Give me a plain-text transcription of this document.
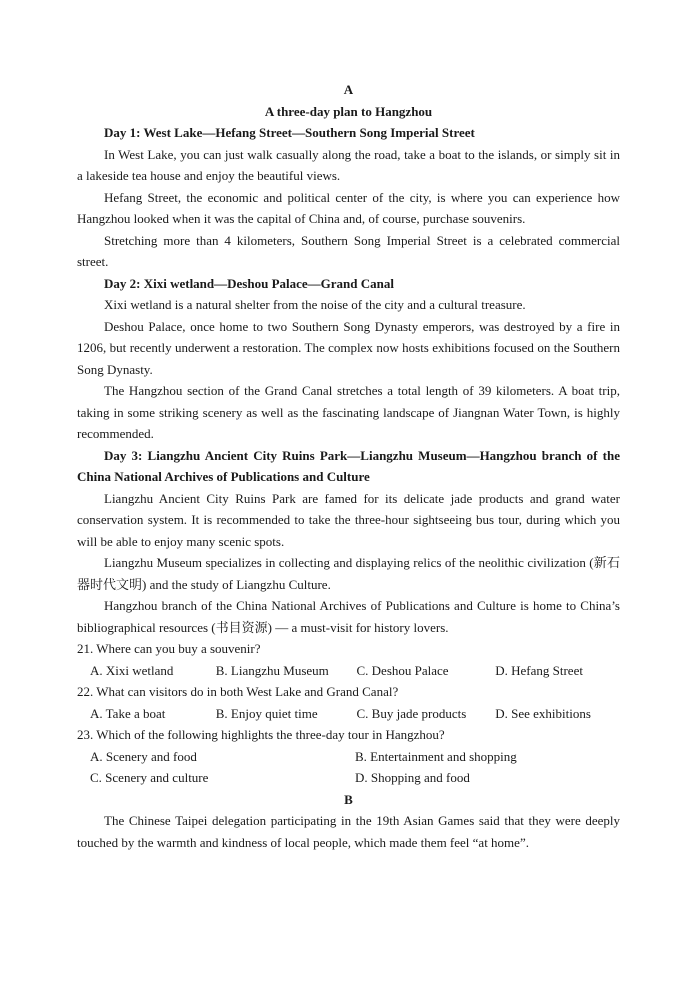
A
A three-day plan to Hangzhou

Day 1: West Lake—Hefang Street—Southern Song Imperial Street

In West Lake, you can just walk casually along the road, take a boat to the islands, or simply sit in a lakeside tea house and enjoy the beautiful views.

Hefang Street, the economic and political center of the city, is where you can experience how Hangzhou looked when it was the capital of China and, of course, purchase souvenirs.

Stretching more than 4 kilometers, Southern Song Imperial Street is a celebrated commercial street.

Day 2: Xixi wetland—Deshou Palace—Grand Canal

Xixi wetland is a natural shelter from the noise of the city and a cultural treasure.

Deshou Palace, once home to two Southern Song Dynasty emperors, was destroyed by a fire in 1206, but recently underwent a restoration. The complex now hosts exhibitions focused on the Southern Song Dynasty.

The Hangzhou section of the Grand Canal stretches a total length of 39 kilometers. A boat trip, taking in some striking scenery as well as the fascinating landscape of Jiangnan Water Town, is highly recommended.

Day 3: Liangzhu Ancient City Ruins Park—Liangzhu Museum—Hangzhou branch of the China National Archives of Publications and Culture

Liangzhu Ancient City Ruins Park are famed for its delicate jade products and grand water conservation system. It is recommended to take the three-hour sightseeing bus tour, during which you will be able to enjoy many scenic spots.

Liangzhu Museum specializes in collecting and displaying relics of the neolithic civilization (新石器时代文明) and the study of Liangzhu Culture.

Hangzhou branch of the China National Archives of Publications and Culture is home to China’s bibliographical resources (书目资源) — a must-visit for history lovers.

21. Where can you buy a souvenir?

A. Xixi wetland	B. Liangzhu Museum	C. Deshou Palace	D. Hefang Street

22. What can visitors do in both West Lake and Grand Canal?

A. Take a boat	B. Enjoy quiet time	C. Buy jade products	D. See exhibitions

23. Which of the following highlights the three-day tour in Hangzhou?

A. Scenery and food	B. Entertainment and shopping
C. Scenery and culture	D. Shopping and food
B

The Chinese Taipei delegation participating in the 19th Asian Games said that they were deeply touched by the warmth and kindness of local people, which made them feel “at home”.
